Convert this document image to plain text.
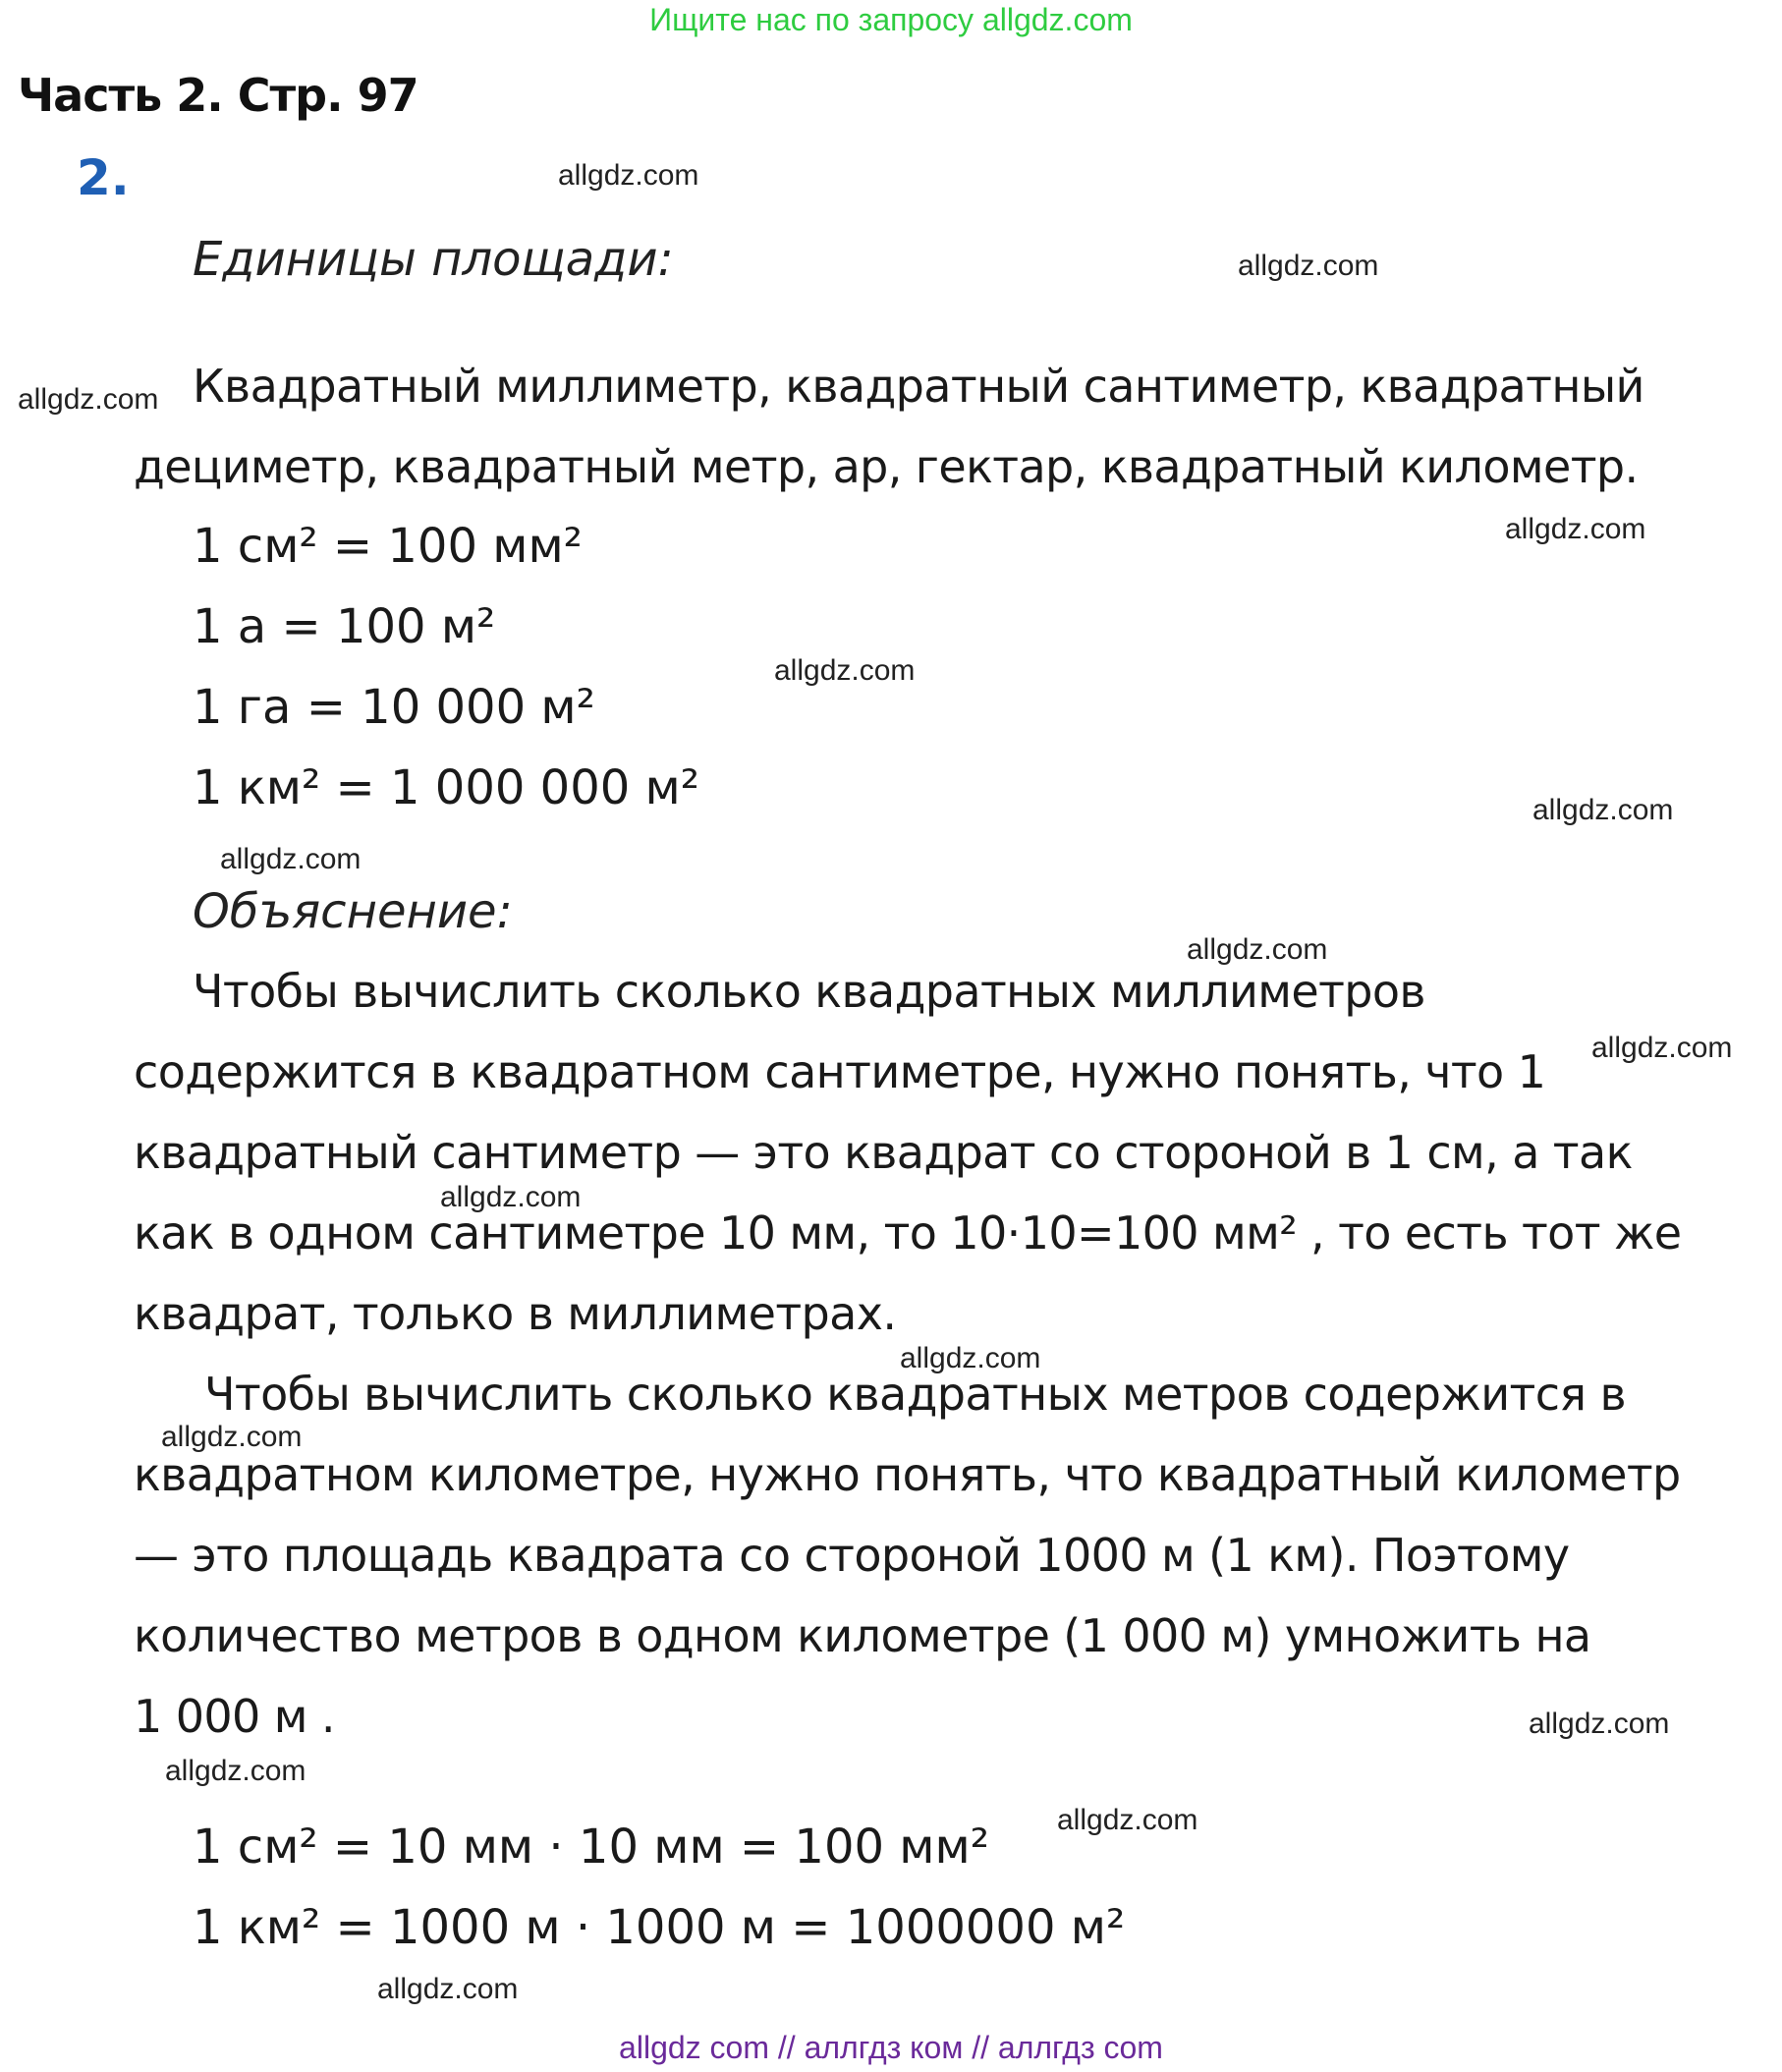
Ищите нас по запросу allgdz.com
Часть 2. Стр. 97
2.
Единицы площади:
Квадратный миллиметр, квадратный сантиметр, квадратный
дециметр, квадратный метр, ар, гектар, квадратный километр.
1 см² = 100 мм²
1 а = 100 м²
1 га = 10 000 м²
1 км² = 1 000 000 м²
Объяснение:
Чтобы вычислить сколько квадратных миллиметров
содержится в квадратном сантиметре, нужно понять, что 1
квадратный сантиметр — это квадрат со стороной в 1 см, а так
как в одном сантиметре 10 мм, то 10·10=100 мм² , то есть тот же
квадрат, только в миллиметрах.
Чтобы вычислить сколько квадратных метров содержится в
квадратном километре, нужно понять, что квадратный километр
— это площадь квадрата со стороной 1000 м (1 км). Поэтому
количество метров в одном километре (1 000 м) умножить на
1 000 м .
1 см² = 10 мм · 10 мм = 100 мм²
1 км² = 1000 м · 1000 м = 1000000 м²
allgdz.com
allgdz.com
allgdz.com
allgdz.com
allgdz.com
allgdz.com
allgdz.com
allgdz.com
allgdz.com
allgdz.com
allgdz.com
allgdz.com
allgdz.com
allgdz.com
allgdz.com
allgdz.com
allgdz com // аллгдз ком // аллгдз com
